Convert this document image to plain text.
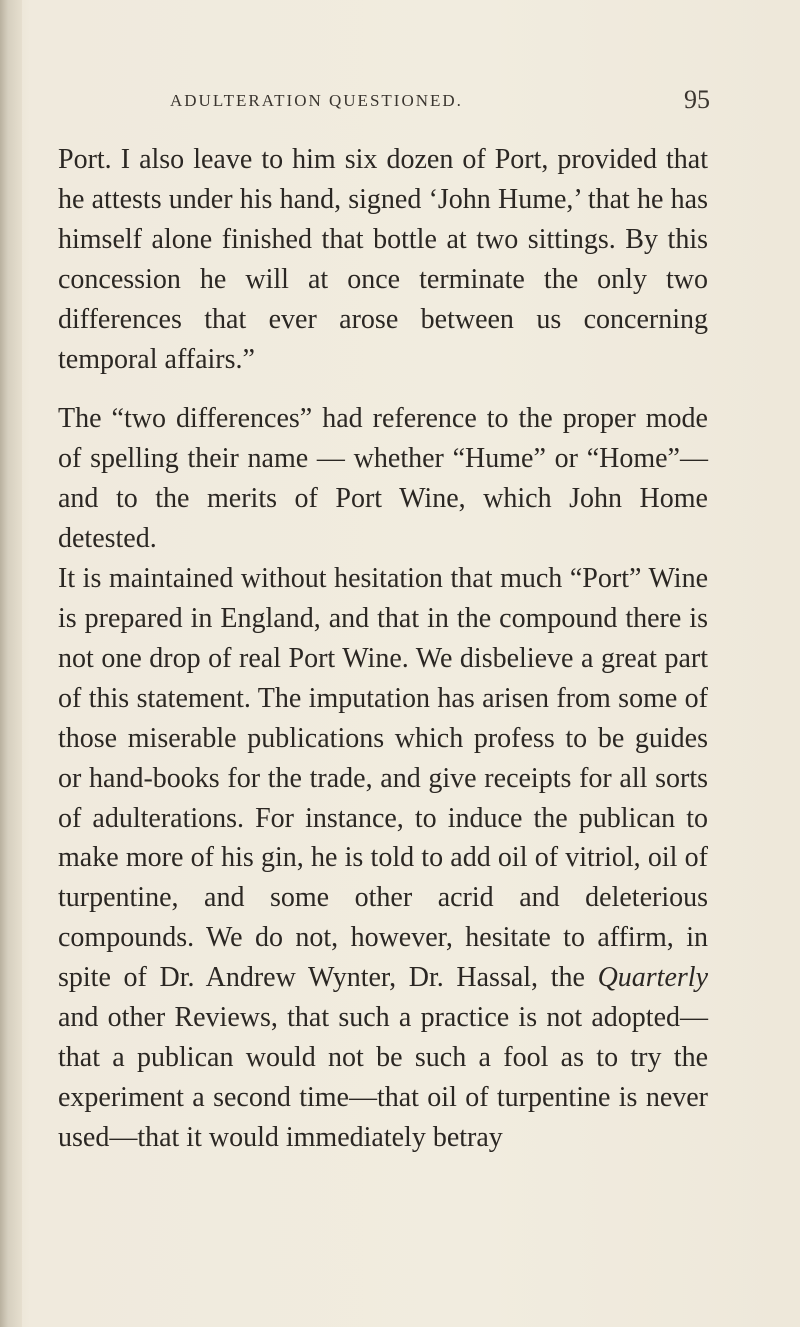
ADULTERATION QUESTIONED.	95

Port. I also leave to him six dozen of Port, provided that he attests under his hand, signed ‘John Hume,’ that he has himself alone finished that bottle at two sittings. By this concession he will at once terminate the only two differences that ever arose between us concerning temporal affairs.”

The “two differences” had reference to the proper mode of spelling their name — whether “Hume” or “Home”—and to the merits of Port Wine, which John Home detested.

It is maintained without hesitation that much “Port” Wine is prepared in England, and that in the compound there is not one drop of real Port Wine. We disbelieve a great part of this statement. The imputation has arisen from some of those miserable publications which profess to be guides or hand-books for the trade, and give receipts for all sorts of adulterations. For instance, to induce the publican to make more of his gin, he is told to add oil of vitriol, oil of turpentine, and some other acrid and deleterious compounds. We do not, however, hesitate to affirm, in spite of Dr. Andrew Wynter, Dr. Hassal, the Quarterly and other Reviews, that such a practice is not adopted—that a publican would not be such a fool as to try the experiment a second time—that oil of turpentine is never used—that it would immediately betray
